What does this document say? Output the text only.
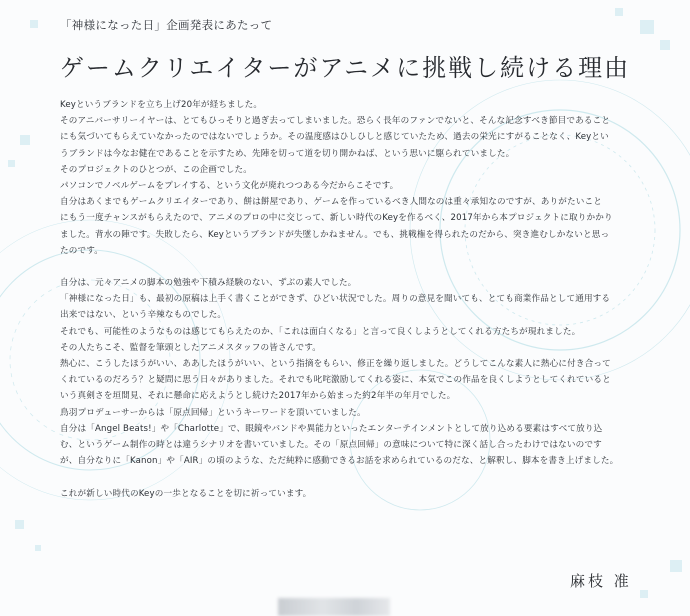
「神様になった日」企画発表にあたって
ゲームクリエイターがアニメに挑戦し続ける理由
Keyというブランドを立ち上げ20年が経ちました。
そのアニバーサリーイヤーは、とてもひっそりと過ぎ去ってしまいました。恐らく長年のファンでないと、そんな記念すべき節目であること
にも気づいてもらえていなかったのではないでしょうか。その温度感はひしひしと感じていたため、過去の栄光にすがることなく、Keyとい
うブランドは今なお健在であることを示すため、先陣を切って道を切り開かねば、という思いに駆られていました。
そのプロジェクトのひとつが、この企画でした。
パソコンでノベルゲームをプレイする、という文化が廃れつつある今だからこそです。
自分はあくまでもゲームクリエイターであり、餅は餅屋であり、ゲームを作っているべき人間なのは重々承知なのですが、ありがたいこと
にもう一度チャンスがもらえたので、アニメのプロの中に交じって、新しい時代のKeyを作るべく、2017年から本プロジェクトに取りかかり
ました。背水の陣です。失敗したら、Keyというブランドが失墜しかねません。でも、挑戦権を得られたのだから、突き進むしかないと思っ
たのです。
自分は、元々アニメの脚本の勉強や下積み経験のない、ずぶの素人でした。
「神様になった日」も、最初の原稿は上手く書くことができず、ひどい状況でした。周りの意見を聞いても、とても商業作品として通用する
出来ではない、という辛辣なものでした。
それでも、可能性のようなものは感じてもらえたのか、「これは面白くなる」と言って良くしようとしてくれる方たちが現れました。
その人たちこそ、監督を筆頭としたアニメスタッフの皆さんです。
熱心に、こうしたほうがいい、ああしたほうがいい、という指摘をもらい、修正を繰り返しました。どうしてこんな素人に熱心に付き合って
くれているのだろう？と疑問に思う日々がありました。それでも叱咤激励してくれる姿に、本気でこの作品を良くしようとしてくれていると
いう真剣さを垣間見、それに懸命に応えようとし続けた2017年から始まった約2年半の年月でした。
鳥羽プロデューサーからは「原点回帰」というキーワードを頂いていました。
自分は「Angel Beats!」や「Charlotte」で、眼鏡やバンドや異能力といったエンターテインメントとして放り込める要素はすべて放り込
む、というゲーム制作の時とは違うシナリオを書いていました。その「原点回帰」の意味について特に深く話し合ったわけではないのです
が、自分なりに「Kanon」や「AIR」の頃のような、ただ純粋に感動できるお話を求められているのだな、と解釈し、脚本を書き上げました。
これが新しい時代のKeyの一歩となることを切に祈っています。
麻枝 准
